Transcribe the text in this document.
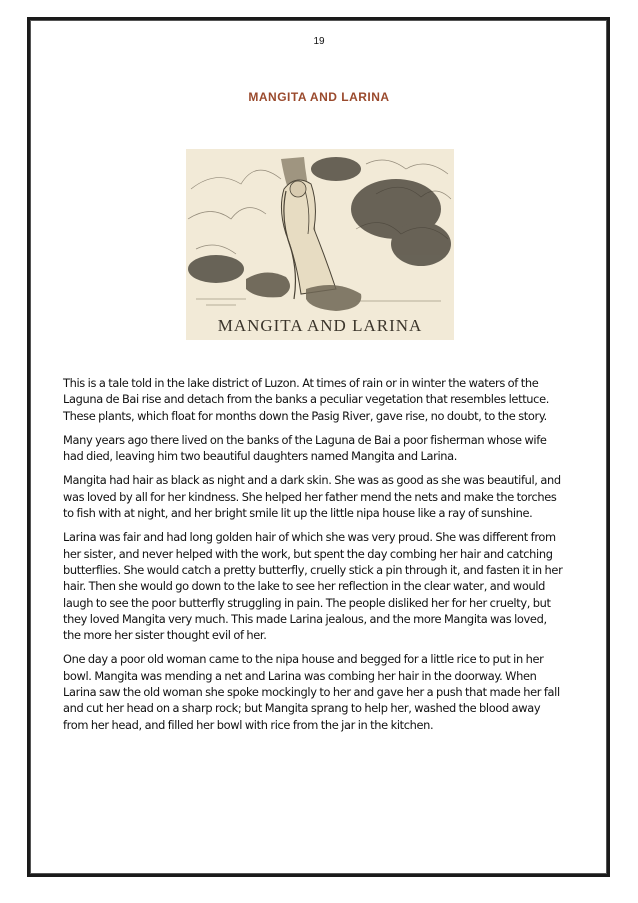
19
MANGITA AND LARINA
MANGITA AND LARINA

This is a tale told in the lake district of Luzon. At times of rain or in winter the waters of the Laguna de Bai rise and detach from the banks a peculiar vegetation that resembles lettuce. These plants, which float for months down the Pasig River, gave rise, no doubt, to the story.

Many years ago there lived on the banks of the Laguna de Bai a poor fisherman whose wife had died, leaving him two beautiful daughters named Mangita and Larina.

Mangita had hair as black as night and a dark skin. She was as good as she was beautiful, and was loved by all for her kindness. She helped her father mend the nets and make the torches to fish with at night, and her bright smile lit up the little nipa house like a ray of sunshine.

Larina was fair and had long golden hair of which she was very proud. She was different from her sister, and never helped with the work, but spent the day combing her hair and catching butterflies. She would catch a pretty butterfly, cruelly stick a pin through it, and fasten it in her hair. Then she would go down to the lake to see her reflection in the clear water, and would laugh to see the poor butterfly struggling in pain. The people disliked her for her cruelty, but they loved Mangita very much. This made Larina jealous, and the more Mangita was loved, the more her sister thought evil of her.

One day a poor old woman came to the nipa house and begged for a little rice to put in her bowl. Mangita was mending a net and Larina was combing her hair in the doorway. When Larina saw the old woman she spoke mockingly to her and gave her a push that made her fall and cut her head on a sharp rock; but Mangita sprang to help her, washed the blood away from her head, and filled her bowl with rice from the jar in the kitchen.
